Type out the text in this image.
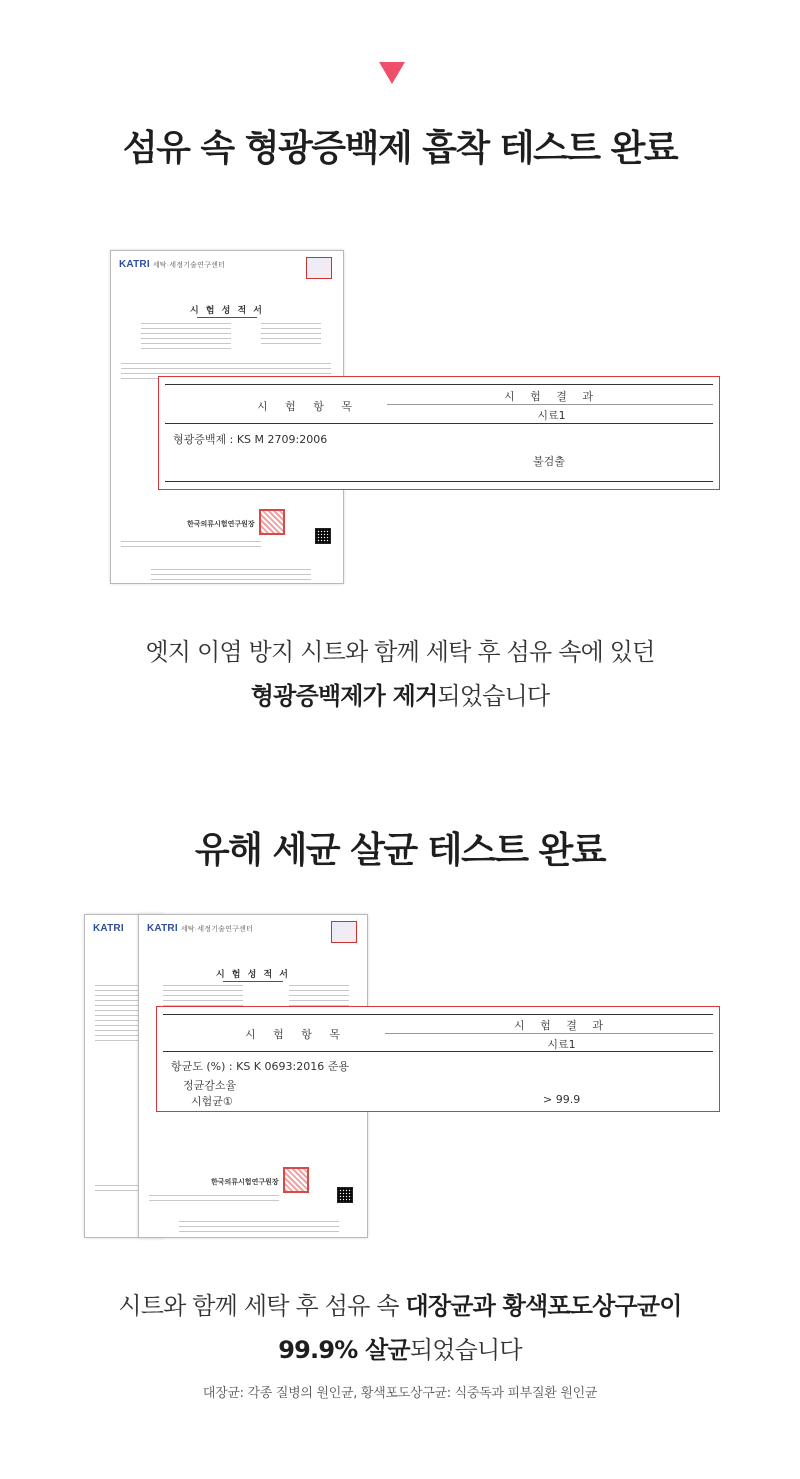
섬유 속 형광증백제 흡착 테스트 완료
KATRI 세탁·세정기술연구센터
시 험 성 적 서
한국의류시험연구원장
시 험 항 목
시 험 결 과
시료1
형광증백제 : KS M 2709:2006
불검출
엣지 이염 방지 시트와 함께 세탁 후 섬유 속에 있던
형광증백제가 제거되었습니다
유해 세균 살균 테스트 완료
KATRI KATRI 세탁·세정기술연구센터
시 험 성 적 서
한국의류시험연구원장
시 험 항 목
시 험 결 과
시료1
항균도 (%) : KS K 0693:2016 준용
정균감소율
시험균①	> 99.9
시트와 함께 세탁 후 섬유 속 대장균과 황색포도상구균이
99.9% 살균되었습니다
대장균: 각종 질병의 원인균, 황색포도상구균: 식중독과 피부질환 원인균
